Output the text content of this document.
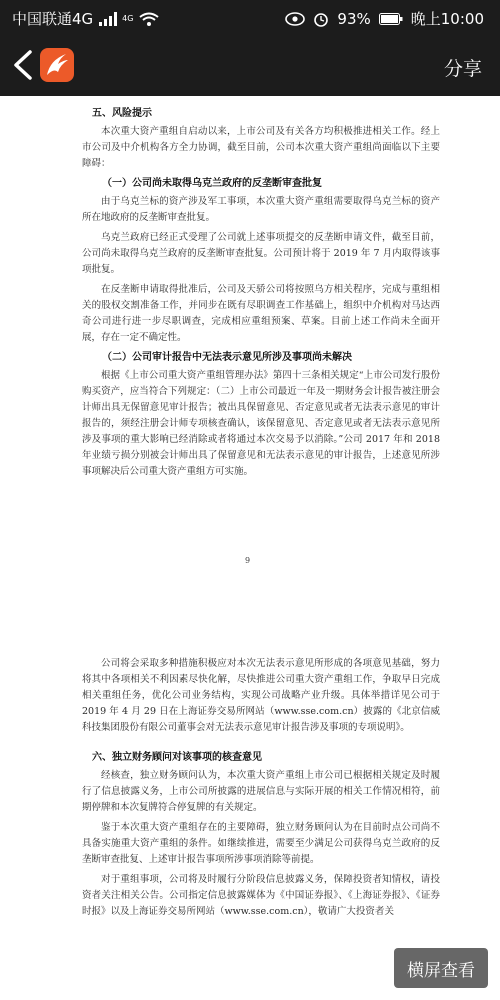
中国联通4G	4G	93%	晚上10:00
分享
五、风险提示

本次重大资产重组自启动以来，上市公司及有关各方均积极推进相关工作。经上市公司及中介机构各方全力协调，截至目前，公司本次重大资产重组尚面临以下主要障碍：

（一）公司尚未取得乌克兰政府的反垄断审查批复

由于乌克兰标的资产涉及军工事项，本次重大资产重组需要取得乌克兰标的资产所在地政府的反垄断审查批复。

乌克兰政府已经正式受理了公司就上述事项提交的反垄断申请文件，截至目前，公司尚未取得乌克兰政府的反垄断审查批复。公司预计将于 2019 年 7 月内取得该事项批复。

在反垄断申请取得批准后，公司及天骄公司将按照乌方相关程序，完成与重组相关的股权交割准备工作，并同步在既有尽职调查工作基础上，组织中介机构对马达西奇公司进行进一步尽职调查，完成相应重组预案、草案。目前上述工作尚未全面开展，存在一定不确定性。

（二）公司审计报告中无法表示意见所涉及事项尚未解决

根据《上市公司重大资产重组管理办法》第四十三条相关规定“上市公司发行股份购买资产，应当符合下列规定：（二）上市公司最近一年及一期财务会计报告被注册会计师出具无保留意见审计报告；被出具保留意见、否定意见或者无法表示意见的审计报告的，须经注册会计师专项核查确认，该保留意见、否定意见或者无法表示意见所涉及事项的重大影响已经消除或者将通过本次交易予以消除。”公司 2017 年和 2018 年业绩亏损分别被会计师出具了保留意见和无法表示意见的审计报告，上述意见所涉事项解决后公司重大资产重组方可实施。

9

公司将会采取多种措施积极应对本次无法表示意见所形成的各项意见基础，努力将其中各项相关不利因素尽快化解，尽快推进公司重大资产重组工作，争取早日完成相关重组任务，优化公司业务结构，实现公司战略产业升级。具体举措详见公司于 2019 年 4 月 29 日在上海证券交易所网站（www.sse.com.cn）披露的《北京信威科技集团股份有限公司董事会对无法表示意见审计报告涉及事项的专项说明》。

六、独立财务顾问对该事项的核查意见

经核查，独立财务顾问认为，本次重大资产重组上市公司已根据相关规定及时履行了信息披露义务，上市公司所披露的进展信息与实际开展的相关工作情况相符，前期停牌和本次复牌符合停复牌的有关规定。

鉴于本次重大资产重组存在的主要障碍，独立财务顾问认为在目前时点公司尚不具备实施重大资产重组的条件。如继续推进，需要至少满足公司获得乌克兰政府的反垄断审查批复、上述审计报告事项所涉事项消除等前提。

对于重组事项，公司将及时履行分阶段信息披露义务，保障投资者知情权，请投资者关注相关公告。公司指定信息披露媒体为《中国证券报》、《上海证券报》、《证券时报》以及上海证券交易所网站（www.sse.com.cn），敬请广大投资者关

横屏查看
